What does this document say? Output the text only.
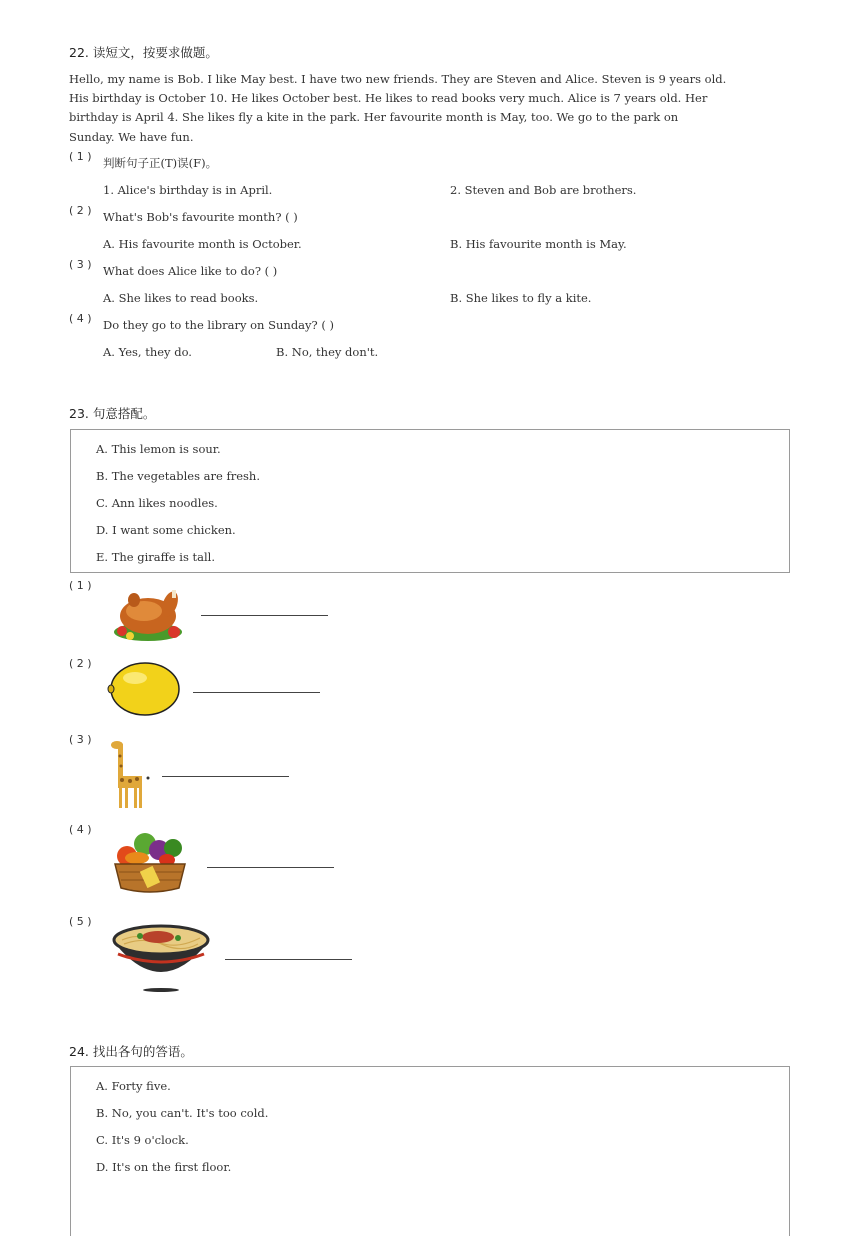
22. 读短文，按要求做题。
Hello, my name is Bob. I like May best. I have two new friends. They are Steven and Alice. Steven is 9 years old.
His birthday is October 10. He likes October best. He likes to read books very much. Alice is 7 years old. Her
birthday is April 4. She likes fly a kite in the park. Her favourite month is May, too. We go to the park on
Sunday. We have fun.
( 1 ) 判断句子正(T)误(F)。
1. Alice's birthday is in April.	2. Steven and Bob are brothers.
( 2 ) What's Bob's favourite month? ( )
A. His favourite month is October.	B. His favourite month is May.
( 3 ) What does Alice like to do? ( )
A. She likes to read books.	B. She likes to fly a kite.
( 4 ) Do they go to the library on Sunday? ( )
A. Yes, they do.	B. No, they don't.
23. 句意搭配。
A. This lemon is sour.
B. The vegetables are fresh.
C. Ann likes noodles.
D. I want some chicken.
E. The giraffe is tall.
( 1 )
( 2 )
( 3 )
( 4 )
( 5 )
24. 找出各句的答语。
A. Forty five.
B. No, you can't. It's too cold.
C. It's 9 o'clock.
D. It's on the first floor.
